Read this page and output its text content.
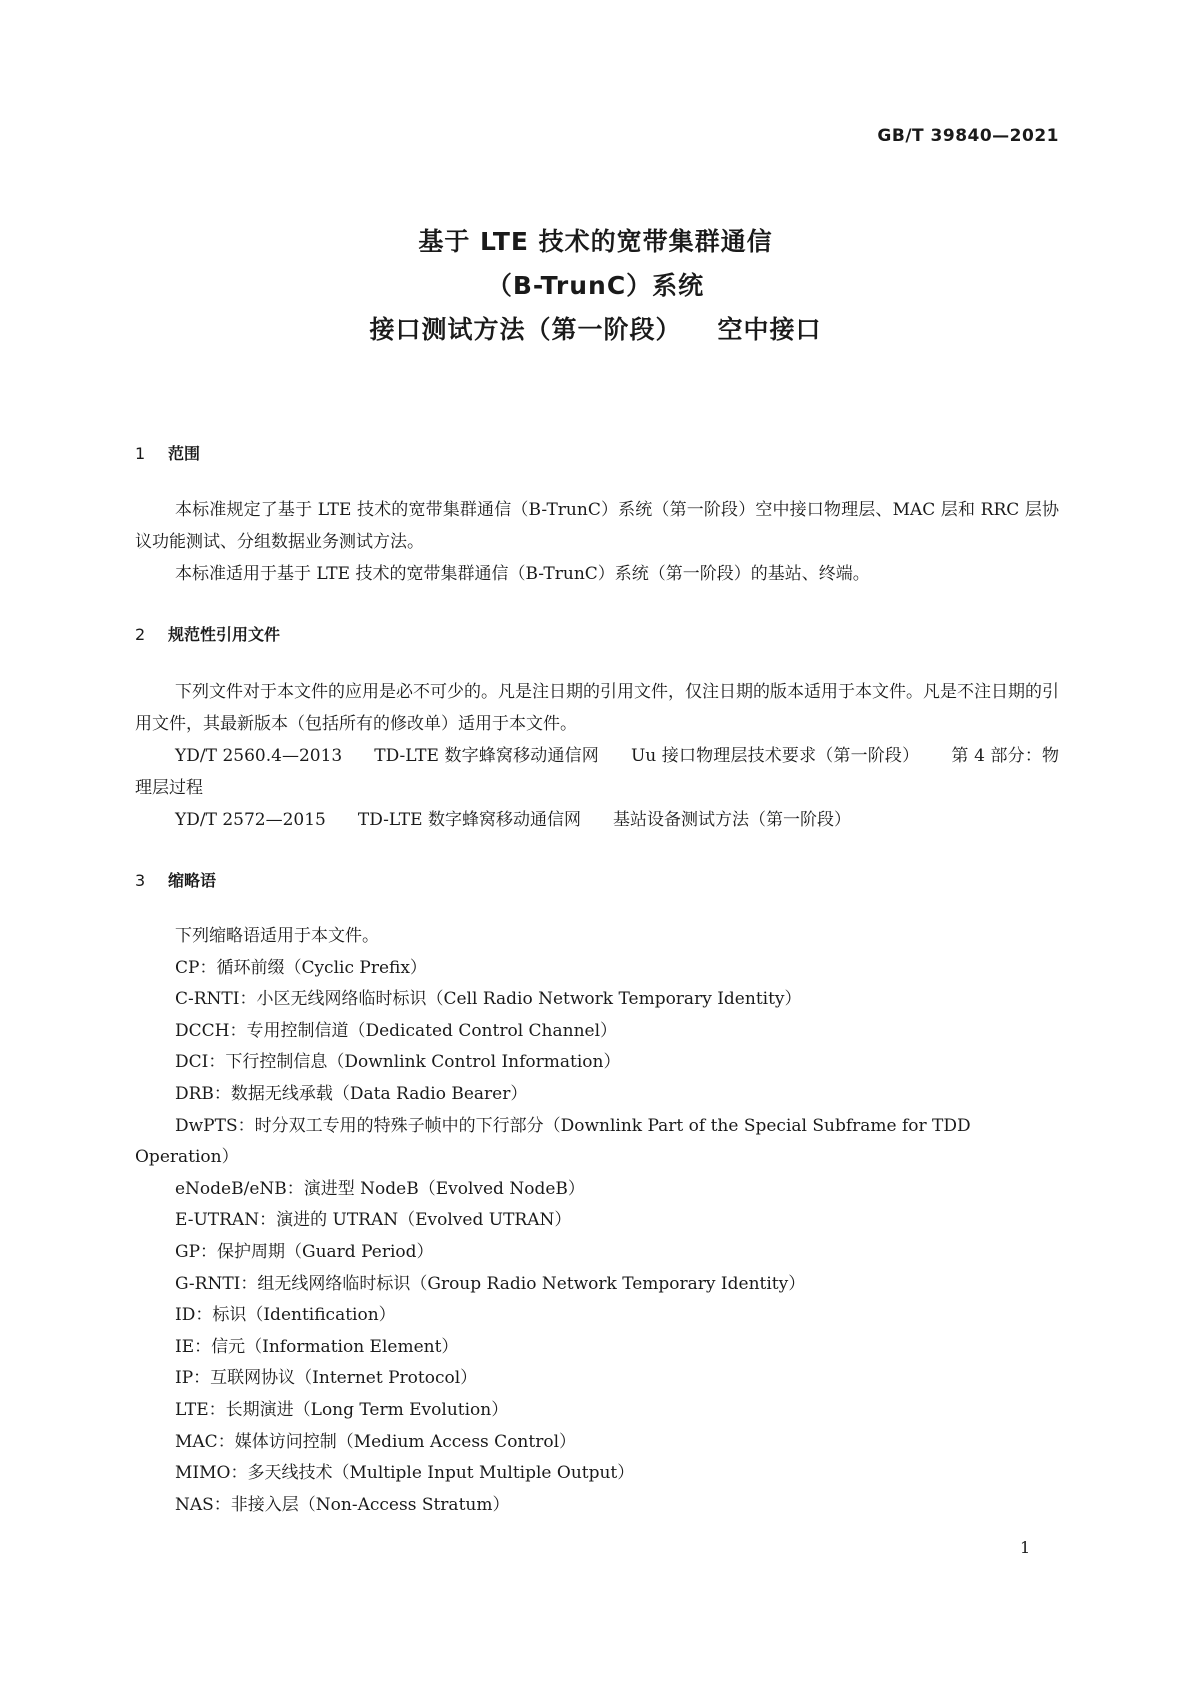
GB/T 39840—2021
基于 LTE 技术的宽带集群通信
（B-TrunC）系统
接口测试方法（第一阶段） 空中接口
1 范围

本标准规定了基于 LTE 技术的宽带集群通信（B-TrunC）系统（第一阶段）空中接口物理层、MAC 层和 RRC 层协议功能测试、分组数据业务测试方法。

本标准适用于基于 LTE 技术的宽带集群通信（B-TrunC）系统（第一阶段）的基站、终端。

2 规范性引用文件

下列文件对于本文件的应用是必不可少的。凡是注日期的引用文件，仅注日期的版本适用于本文件。凡是不注日期的引用文件，其最新版本（包括所有的修改单）适用于本文件。

YD/T 2560.4—2013 TD-LTE 数字蜂窝移动通信网 Uu 接口物理层技术要求（第一阶段） 第 4 部分：物理层过程

YD/T 2572—2015 TD-LTE 数字蜂窝移动通信网 基站设备测试方法（第一阶段）

3 缩略语

下列缩略语适用于本文件。

CP：循环前缀（Cyclic Prefix）

C-RNTI：小区无线网络临时标识（Cell Radio Network Temporary Identity）

DCCH：专用控制信道（Dedicated Control Channel）

DCI：下行控制信息（Downlink Control Information）

DRB：数据无线承载（Data Radio Bearer）

DwPTS：时分双工专用的特殊子帧中的下行部分（Downlink Part of the Special Subframe for TDD Operation）

eNodeB/eNB：演进型 NodeB（Evolved NodeB）

E-UTRAN：演进的 UTRAN（Evolved UTRAN）

GP：保护周期（Guard Period）

G-RNTI：组无线网络临时标识（Group Radio Network Temporary Identity）

ID：标识（Identification）

IE：信元（Information Element）

IP：互联网协议（Internet Protocol）

LTE：长期演进（Long Term Evolution）

MAC：媒体访问控制（Medium Access Control）

MIMO：多天线技术（Multiple Input Multiple Output）

NAS：非接入层（Non-Access Stratum）

1
